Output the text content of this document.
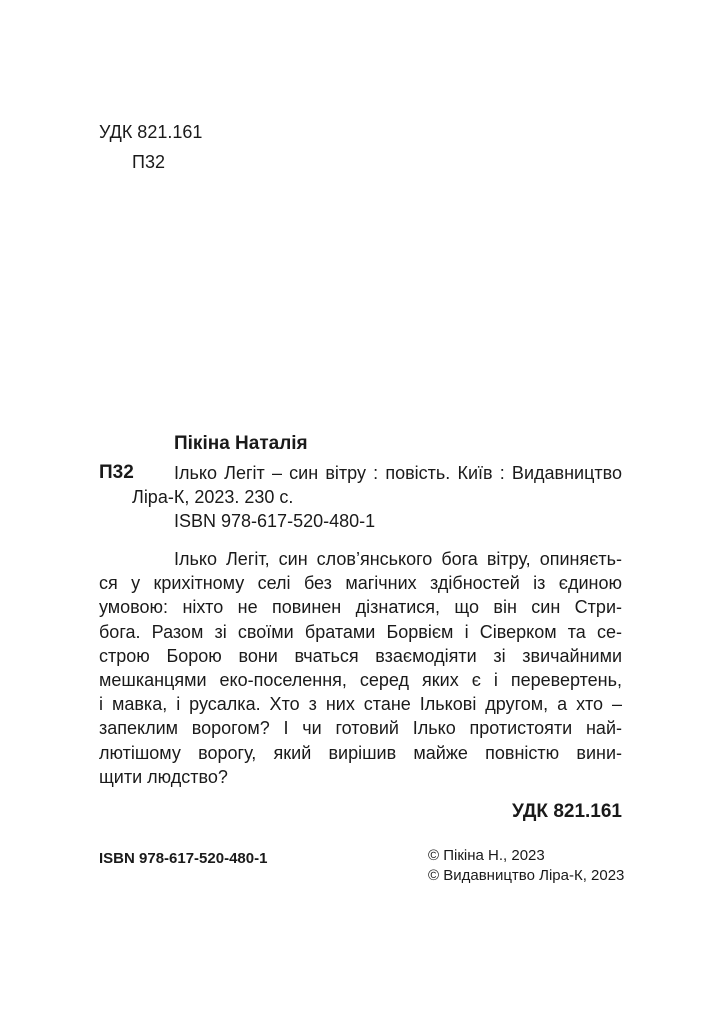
УДК 821.161
П32
Пікіна Наталія
П32 Ілько Легіт – син вітру : повість. Київ : Видавництво
Ліра-К, 2023. 230 с.
ISBN 978-617-520-480-1
Ілько Легіт, син слов’янського бога вітру, опиняєть-
ся у крихітному селі без магічних здібностей із єдиною
умовою: ніхто не повинен дізнатися, що він син Стри-
бога. Разом зі своїми братами Борвієм і Сіверком та се-
строю Борою вони вчаться взаємодіяти зі звичайними
мешканцями еко-поселення, серед яких є і перевертень,
і мавка, і русалка. Хто з них стане Ількові другом, а хто –
запеклим ворогом? І чи готовий Ілько протистояти най-
лютішому ворогу, який вирішив майже повністю вини-
щити людство?
УДК 821.161
ISBN 978-617-520-480-1	© Пікіна Н., 2023
© Видавництво Ліра-К, 2023
